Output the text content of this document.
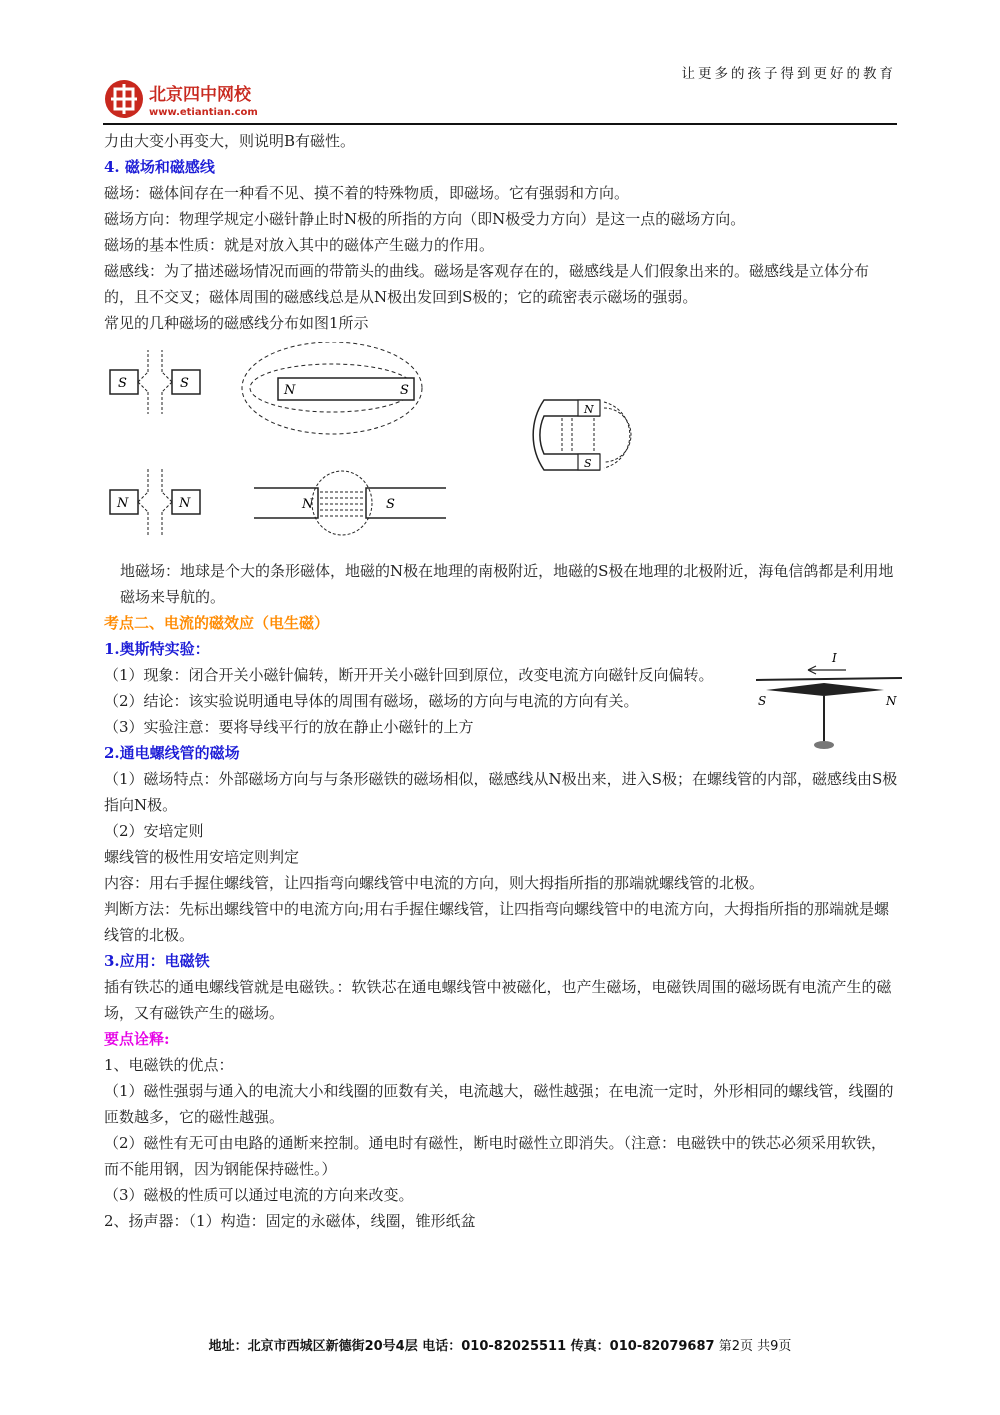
北京四中网校
www.etiantian.com
让更多的孩子得到更好的教育

力由大变小再变大，则说明B有磁性。

4. 磁场和磁感线

磁场：磁体间存在一种看不见、摸不着的特殊物质，即磁场。它有强弱和方向。

磁场方向：物理学规定小磁针静止时N极的所指的方向（即N极受力方向）是这一点的磁场方向。

磁场的基本性质：就是对放入其中的磁体产生磁力的作用。

磁感线：为了描述磁场情况而画的带箭头的曲线。磁场是客观存在的，磁感线是人们假象出来的。磁感线是立体分布的，且不交叉；磁体周围的磁感线总是从N极出发回到S极的；它的疏密表示磁场的强弱。

常见的几种磁场的磁感线分布如图1所示

S	S	N	S
N
S
N	N	N	S

地磁场：地球是个大的条形磁体，地磁的N极在地理的南极附近，地磁的S极在地理的北极附近，海龟信鸽都是利用地磁场来导航的。

考点二、电流的磁效应（电生磁）

1.奥斯特实验：

（1）现象：闭合开关小磁针偏转，断开开关小磁针回到原位，改变电流方向磁针反向偏转。

（2）结论：该实验说明通电导体的周围有磁场，磁场的方向与电流的方向有关。

（3）实验注意：要将导线平行的放在静止小磁针的上方

I
S	N

2.通电螺线管的磁场

（1）磁场特点：外部磁场方向与与条形磁铁的磁场相似，磁感线从N极出来，进入S极；在螺线管的内部，磁感线由S极指向N极。

（2）安培定则

螺线管的极性用安培定则判定

内容：用右手握住螺线管，让四指弯向螺线管中电流的方向，则大拇指所指的那端就螺线管的北极。

判断方法：先标出螺线管中的电流方向;用右手握住螺线管，让四指弯向螺线管中的电流方向，大拇指所指的那端就是螺线管的北极。

3.应用：电磁铁

插有铁芯的通电螺线管就是电磁铁。：软铁芯在通电螺线管中被磁化，也产生磁场，电磁铁周围的磁场既有电流产生的磁场，又有磁铁产生的磁场。

要点诠释:

1、电磁铁的优点：

（1）磁性强弱与通入的电流大小和线圈的匝数有关，电流越大，磁性越强；在电流一定时，外形相同的螺线管，线圈的匝数越多，它的磁性越强。

（2）磁性有无可由电路的通断来控制。通电时有磁性，断电时磁性立即消失。（注意：电磁铁中的铁芯必须采用软铁，而不能用钢，因为钢能保持磁性。）

（3）磁极的性质可以通过电流的方向来改变。

2、扬声器：（1）构造：固定的永磁体，线圈，锥形纸盆

地址：北京市西城区新德街20号4层 电话：010-82025511 传真：010-82079687 第2页 共9页
